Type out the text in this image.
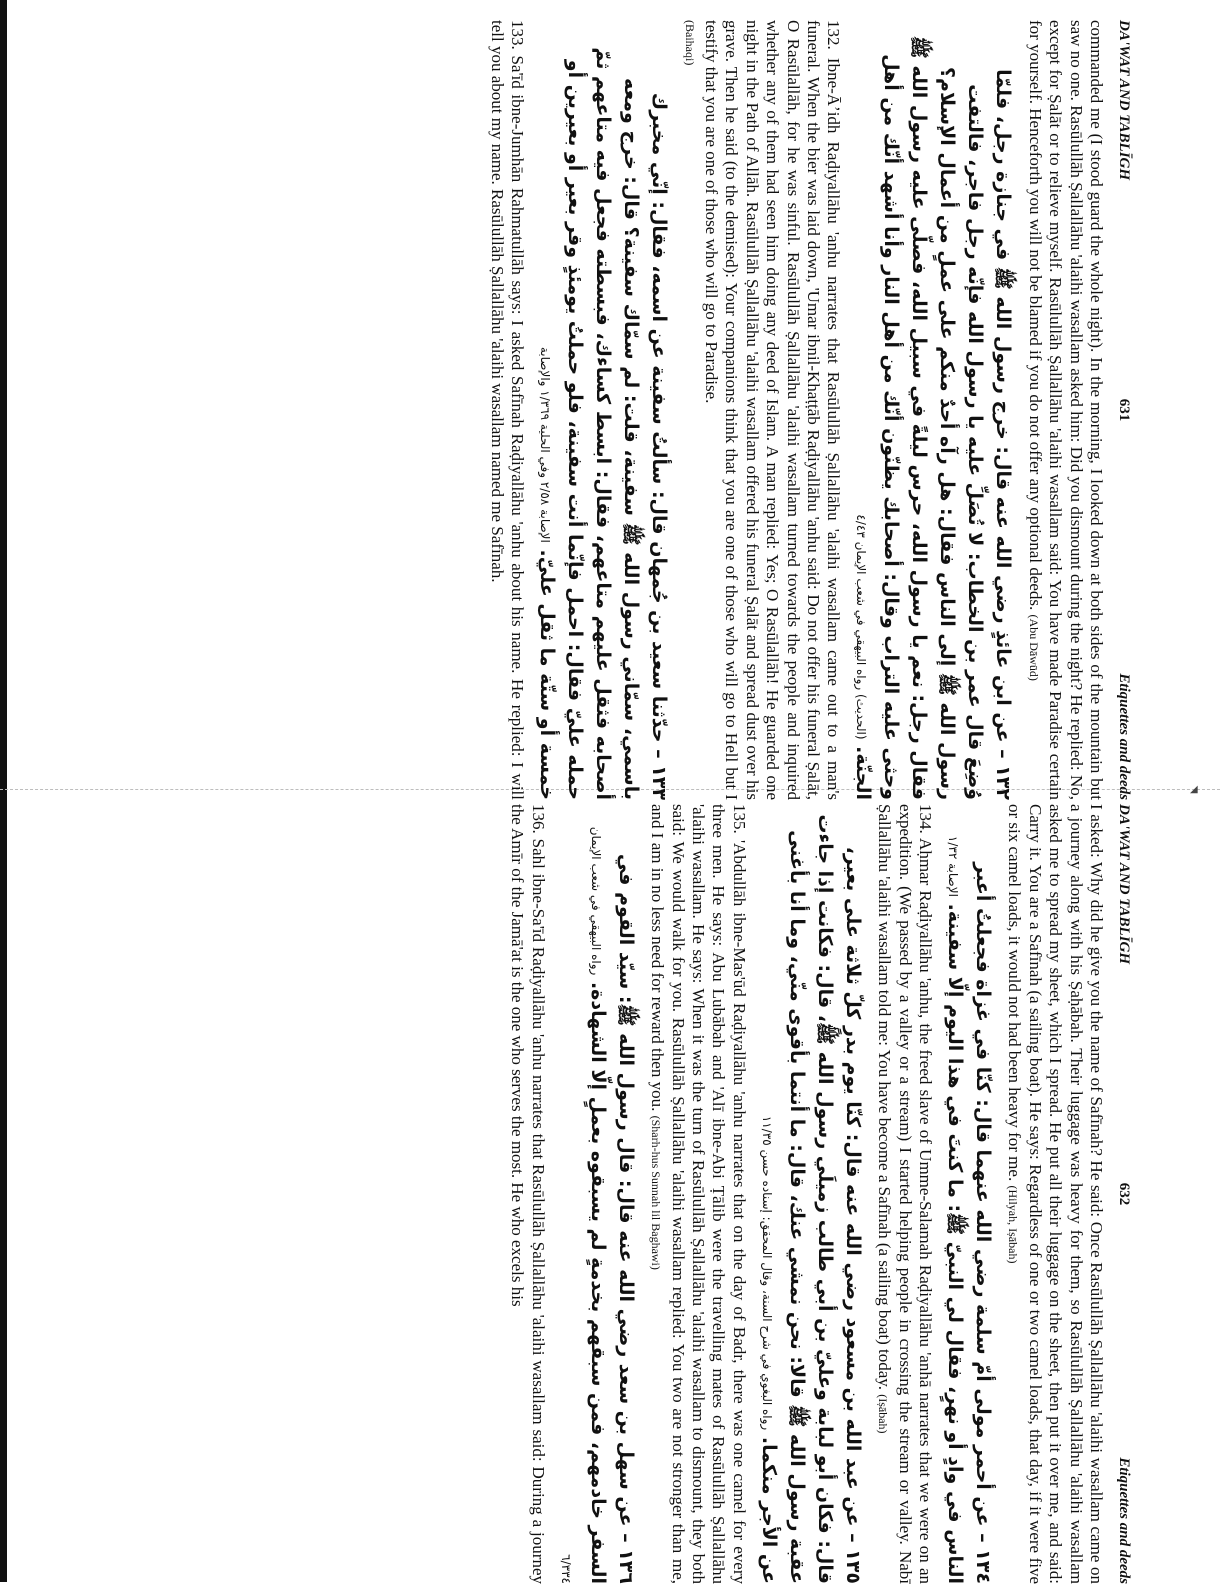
◢
DA'WAT AND TABLĪGH
631
Etiquettes and deeds

commanded me (I stood guard the whole night). In the morning, I looked down at both sides of the mountain but saw no one. Rasūlullāh Ṣallallāhu 'alaihi wasallam asked him: Did you dismount during the night? He replied: No, except for Ṣalāt or to relieve myself. Rasūlullāh Ṣallallāhu 'alaihi wasallam said: You have made Paradise certain for yourself. Henceforth you will not be blamed if you do not offer any optional deeds. (Abu Dāwūd)

١٣٢ – عن ابن عائذٍ رضي الله عنه قال: خرج رسول الله ﷺ في جنازة رجل، فلمّا وُضِعَ قال عمر بن الخطاب: لا تُصَلِّ عليه يا رسول الله فإنّه رجل فاجر، فالتفت رسول الله ﷺ إلى الناس فقال: هل رآه أحدٌ منكم على عملٍ من أعمال الإسلام؟ فقال رجل: نعم يا رسول الله، حرس ليلةً في سبيل الله، فصلّى عليه رسول الله ﷺ وحثى عليه التراب وقال: أصحابك يظنّون أنّك من أهل النار وأنا أشهد أنّك من أهل الجنّة. (الحديث) رواه البيهقي في شعب الإيمان ٤/٤٣

132. Ibne-Āʼidh Raḍiyallāhu 'anhu narrates that Rasūlullāh Ṣallallāhu 'alaihi wasallam came out to a man's funeral. When the bier was laid down, 'Umar ibnil-Khaṭṭāb Raḍiyallāhu 'anhu said: Do not offer his funeral Ṣalāt, O Rasūlallāh, for he was sinful. Rasūlullāh Ṣallallāhu 'alaihi wasallam turned towards the people and inquired whether any of them had seen him doing any deed of Islam. A man replied: Yes; O Rasūlallāh! He guarded one night in the Path of Allāh. Rasūlullāh Ṣallallāhu 'alaihi wasallam offered his funeral Ṣalāt and spread dust over his grave. Then he said (to the demised): Your companions think that you are one of those who will go to Hell but I testify that you are one of those who will go to Paradise.
(Baihaqi)

١٣٣ – حدّثنا سعيد بن جُمهان قال: سألتُ سفينة عن اسمه، فقال: إنّي مخبرك باسمي، سمّاني رسول الله ﷺ سفينة، قلت: لم سمّاك سفينة؟ قال: خرج ومعه أصحابه فثقل عليهم متاعهم، فقال: ابسط كساءك، فبسطته فجعل فيه متاعهم ثمّ حمله عليّ فقال: احمل فإنّما أنت سفينة، فلو حملتُ يومئذٍ وقر بعير أو بعيرين أو خمسة أو ستّة ما ثقل عليّ. الإصابة ٢/٥٨ وفي الحلية ١/٣٦٩ والإصابة

133. Sa'īd ibne-Jumhān Rahmatullāh says: I asked Safīnah Raḍiyallāhu 'anhu about his name. He replied: I will tell you about my name. Rasūlullāh Ṣallallāhu 'alaihi wasallam named me Safīnah.

DA'WAT AND TABLĪGH
632
Etiquettes and deeds

I asked: Why did he give you the name of Safīnah? He said: Once Rasūlullāh Ṣallallāhu 'alaihi wasallam came on a journey along with his Ṣaḥābah. Their luggage was heavy for them, so Rasūlullāh Ṣallallāhu 'alaihi wasallam asked me to spread my sheet, which I spread. He put all their luggage on the sheet, then put it over me, and said: Carry it. You are a Safīnah (a sailing boat). He says: Regardless of one or two camel loads, that day, if it were five or six camel loads, it would not had been heavy for me. (Hilyah, Iṣābah)

١٣٤ – عن أحمر مولى أمّ سلمة رضي الله عنهما قال: كنّا في غزاة فجعلتُ أعبر الناس في وادٍ أو نهرٍ، فقال لي النبيّ ﷺ: ما كنتَ في هذا اليوم إلّا سفينة. الإصابة ١/٣٢

134. Aḥmar Raḍiyallāhu 'anhu, the freed slave of Umme-Salamah Raḍiyallāhu 'anhā narrates that we were on an expedition. (We passed by a valley or a stream) I started helping people in crossing the stream or valley. Nabī Ṣallallāhu 'alaihi wasallam told me: You have become a Safīnah (a sailing boat) today. (Iṣābah)

١٣٥ – عن عبد الله بن مسعود رضي الله عنه قال: كنّا يوم بدرٍ كلّ ثلاثة على بعير، قال: فكان أبو لبابة وعليّ بن أبي طالب زميلَي رسول الله ﷺ، قال: فكانت إذا جاءت عقبة رسول الله ﷺ قالا: نحن نمشي عنك، قال: ما أنتما بأقوى منّي، وما أنا بأغنى عن الأجر منكما. رواه البغوي في شرح السنة، وقال المحقق: إسناده حسن ١١/٣٥

135. 'Abdullāh ibne-Mas'ūd Raḍiyallāhu 'anhu narrates that on the day of Badr, there was one camel for every three men. He says: Abu Lubābah and 'Alī ibne-Abi Ṭālib were the travelling mates of Rasūlullāh Ṣallallāhu 'alaihi wasallam. He says: When it was the turn of Rasūlullāh Ṣallallāhu 'alaihi wasallam to dismount, they both said: We would walk for you. Rasūlullāh Ṣallallāhu 'alaihi wasallam replied: You two are not stronger than me, and I am in no less need for reward then you. (Sharh-hus Sunnah lil Baghawi)

١٣٦ – عن سهل بن سعد رضي الله عنه قال: قال رسول الله ﷺ: سيّد القوم في السفر خادمهم، فمن سبقهم بخدمةٍ لم يسبقوه بعملٍ إلّا الشهادة. رواه البيهقي في شعب الإيمان ٦/٣٣٤

136. Sahl ibne-Sa'īd Raḍiyallāhu 'anhu narrates that Rasūlullāh Ṣallallāhu 'alaihi wasallam said: During a journey the Amīr of the Jamā'at is the one who serves the most. He who excels his
